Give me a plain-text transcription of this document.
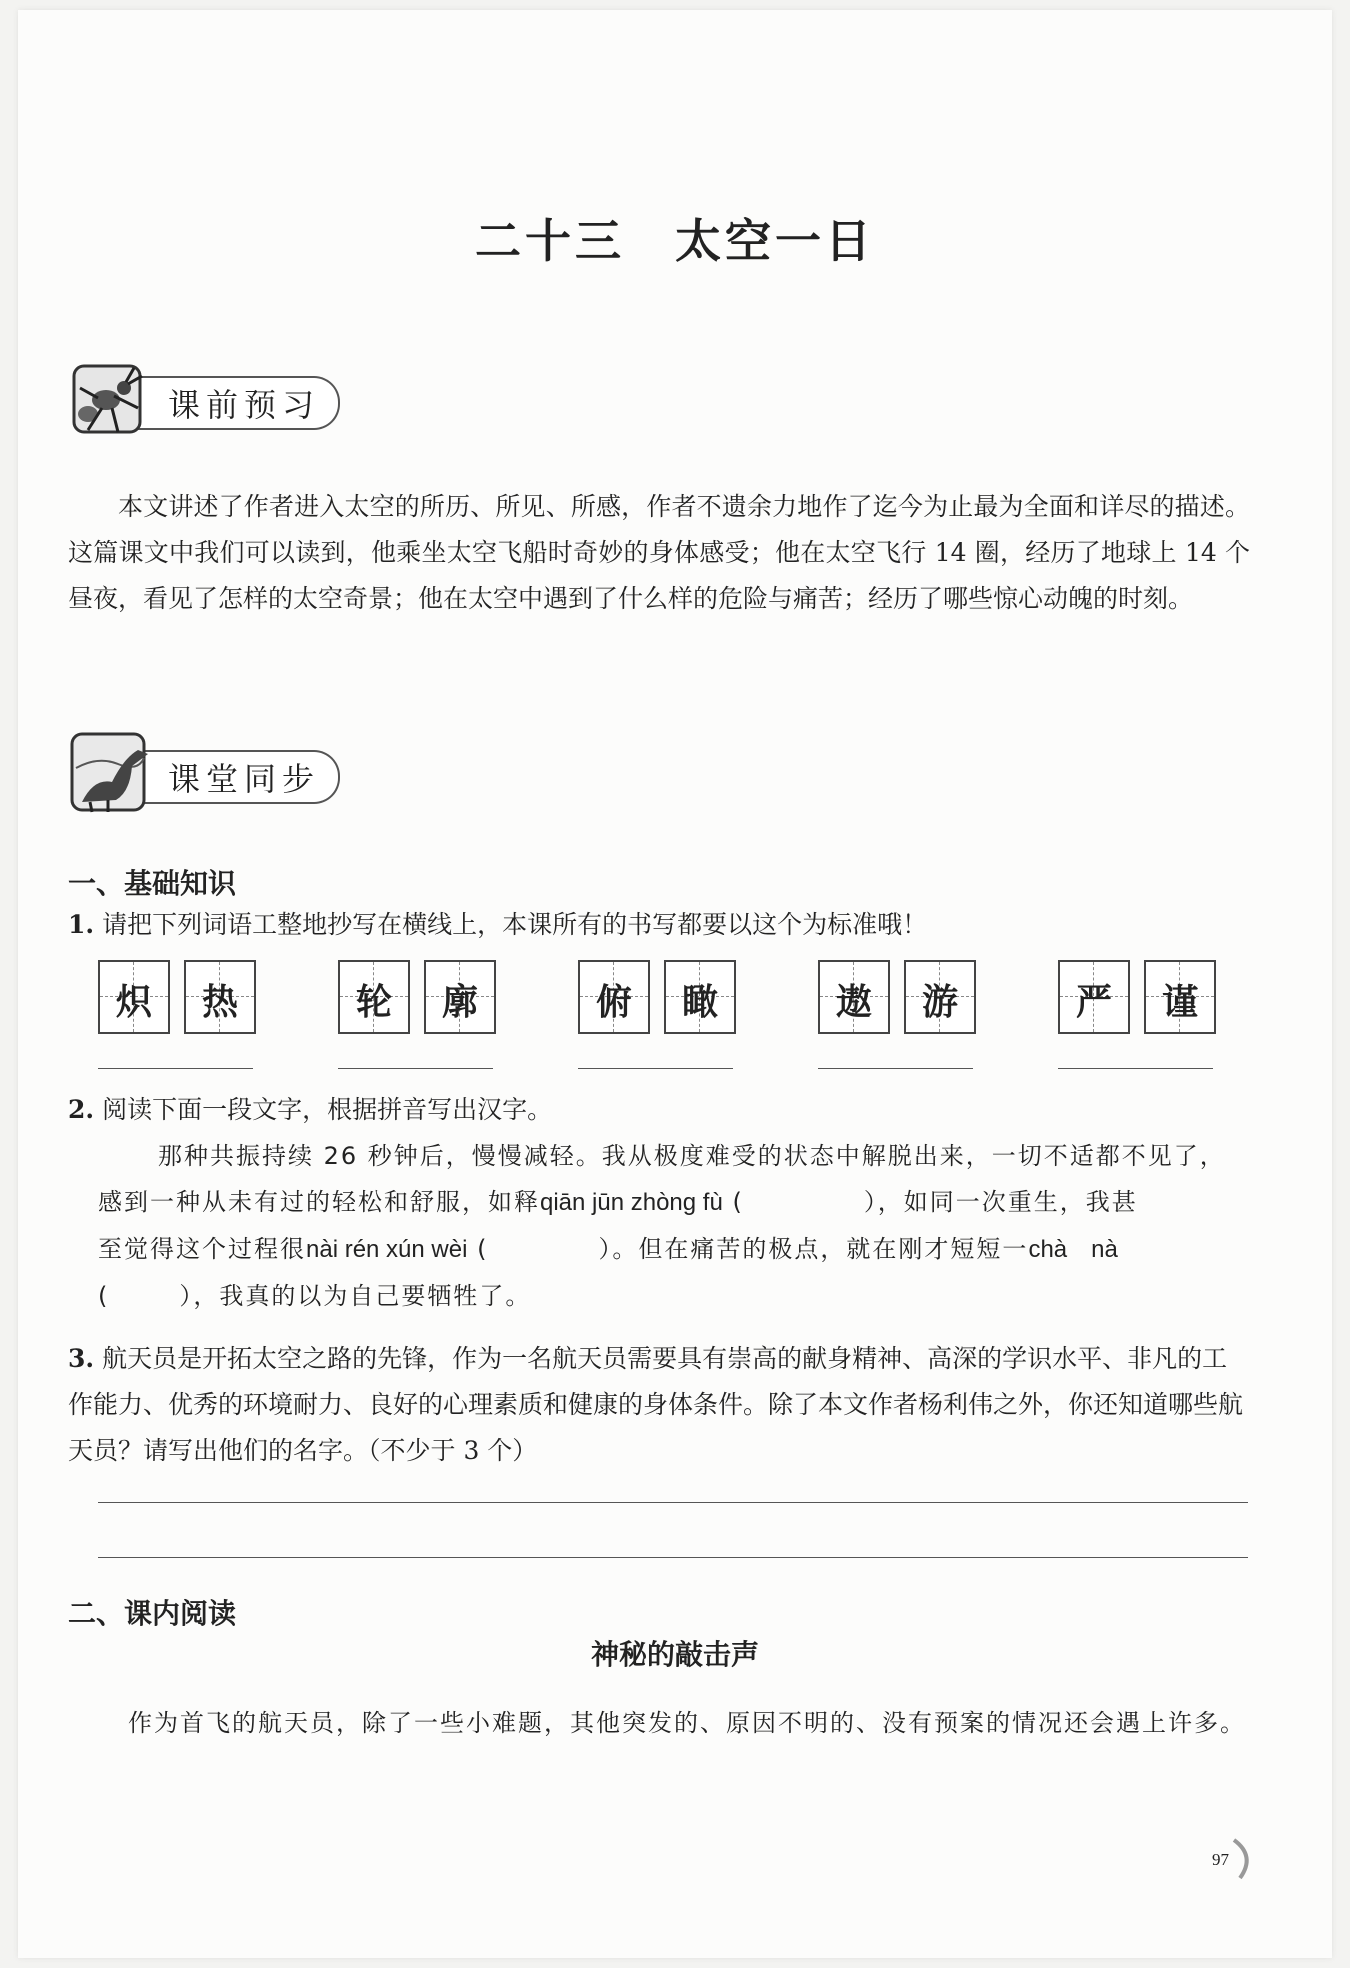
二十三　太空一日
课前预习

本文讲述了作者进入太空的所历、所见、所感，作者不遗余力地作了迄今为止最为全面和详尽的描述。这篇课文中我们可以读到，他乘坐太空飞船时奇妙的身体感受；他在太空飞行 14 圈，经历了地球上 14 个昼夜，看见了怎样的太空奇景；他在太空中遇到了什么样的危险与痛苦；经历了哪些惊心动魄的时刻。

课堂同步
一、基础知识
1. 请把下列词语工整地抄写在横线上，本课所有的书写都要以这个为标准哦！
炽	热	轮	廓	俯	瞰	遨	游	严	谨
2. 阅读下面一段文字，根据拼音写出汉字。
那种共振持续 26 秒钟后，慢慢减轻。我从极度难受的状态中解脱出来，一切不适都不见了，
感到一种从未有过的轻松和舒服，如释qiān jūn zhòng fù (	），如同一次重生，我甚
至觉得这个过程很nài rén xún wèi (	）。但在痛苦的极点，就在刚才短短一chà　nà
(	），我真的以为自己要牺牲了。
3. 航天员是开拓太空之路的先锋，作为一名航天员需要具有崇高的献身精神、高深的学识水平、非凡的工作能力、优秀的环境耐力、良好的心理素质和健康的身体条件。除了本文作者杨利伟之外，你还知道哪些航天员？请写出他们的名字。（不少于 3 个）
二、课内阅读
神秘的敲击声
作为首飞的航天员，除了一些小难题，其他突发的、原因不明的、没有预案的情况还会遇上许多。
97
